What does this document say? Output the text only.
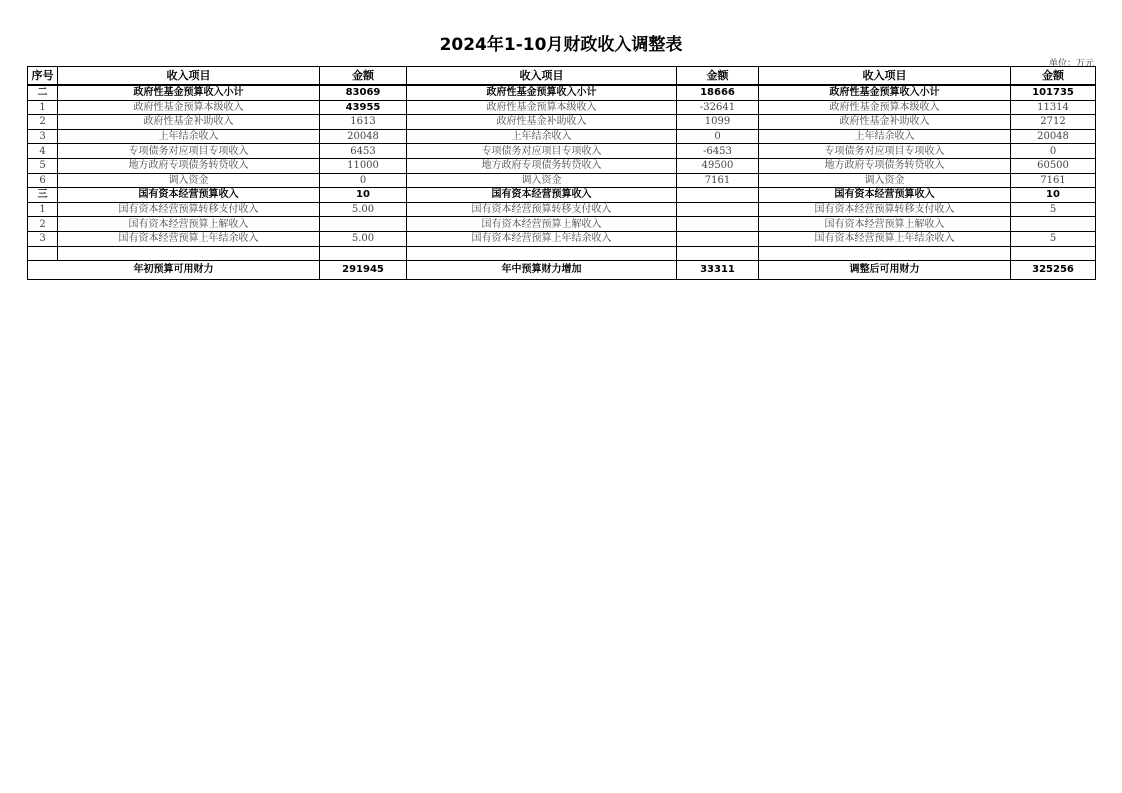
2024年1-10月财政收入调整表
单位：万元
序号	收入项目	金额	收入项目	金额	收入项目	金额
二	政府性基金预算收入小计	83069	政府性基金预算收入小计	18666	政府性基金预算收入小计	101735
1	政府性基金预算本级收入	43955	政府性基金预算本级收入	-32641	政府性基金预算本级收入	11314
2	政府性基金补助收入	1613	政府性基金补助收入	1099	政府性基金补助收入	2712
3	上年结余收入	20048	上年结余收入	0	上年结余收入	20048
4	专项债务对应项目专项收入	6453	专项债务对应项目专项收入	-6453	专项债务对应项目专项收入	0
5	地方政府专项债务转贷收入	11000	地方政府专项债务转贷收入	49500	地方政府专项债务转贷收入	60500
6	调入资金	0	调入资金	7161	调入资金	7161
三	国有资本经营预算收入	10	国有资本经营预算收入		国有资本经营预算收入	10
1	国有资本经营预算转移支付收入	5.00	国有资本经营预算转移支付收入		国有资本经营预算转移支付收入	5
2	国有资本经营预算上解收入		国有资本经营预算上解收入		国有资本经营预算上解收入	
3	国有资本经营预算上年结余收入	5.00	国有资本经营预算上年结余收入		国有资本经营预算上年结余收入	5

年初预算可用财力		291945	年中预算财力增加	33311	调整后可用财力	325256
